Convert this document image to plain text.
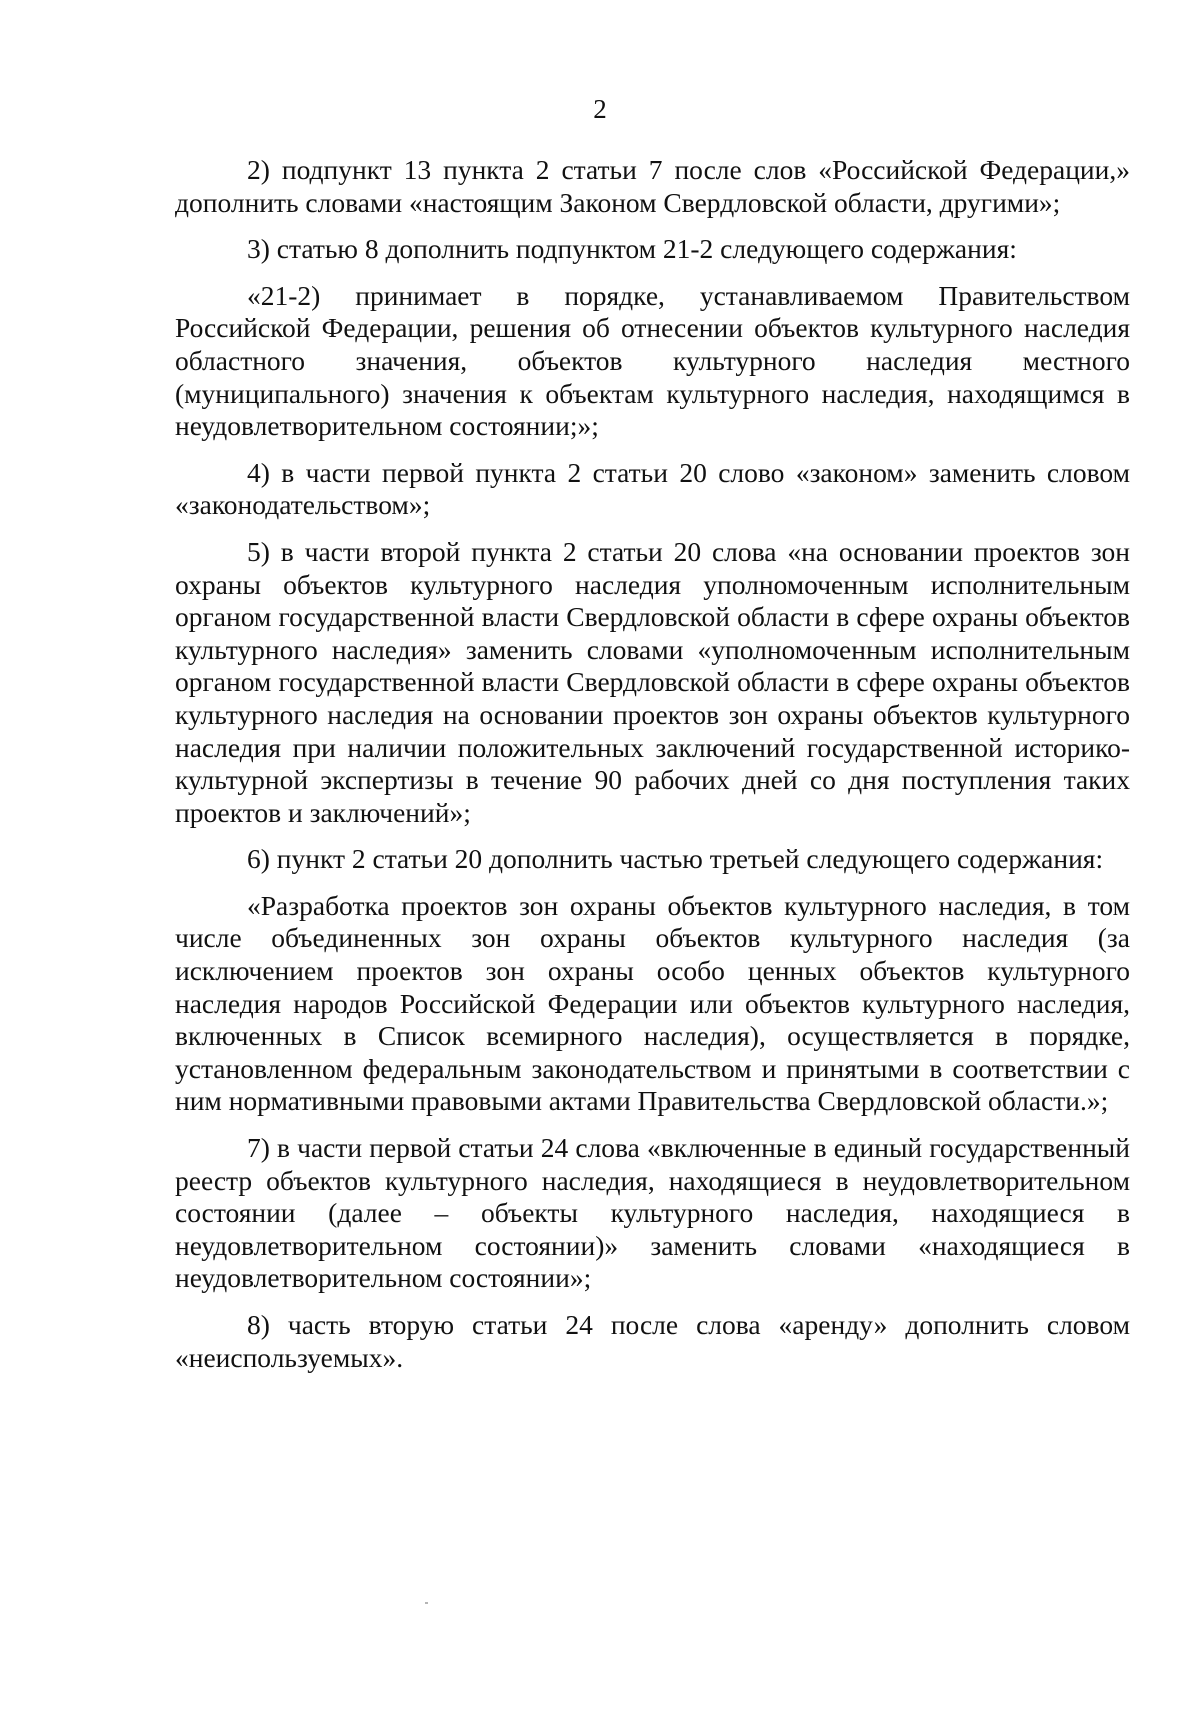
2

2) подпункт 13 пункта 2 статьи 7 после слов «Российской Федерации,» дополнить словами «настоящим Законом Свердловской области, другими»;

3) статью 8 дополнить подпунктом 21-2 следующего содержания:

«21-2) принимает в порядке, устанавливаемом Правительством Российской Федерации, решения об отнесении объектов культурного наследия областного значения, объектов культурного наследия местного (муниципального) значения к объектам культурного наследия, находящимся в неудовлетворительном состоянии;»;

4) в части первой пункта 2 статьи 20 слово «законом» заменить словом «законодательством»;

5) в части второй пункта 2 статьи 20 слова «на основании проектов зон охраны объектов культурного наследия уполномоченным исполнительным органом государственной власти Свердловской области в сфере охраны объектов культурного наследия» заменить словами «уполномоченным исполнительным органом государственной власти Свердловской области в сфере охраны объектов культурного наследия на основании проектов зон охраны объектов культурного наследия при наличии положительных заключений государственной историко-культурной экспертизы в течение 90 рабочих дней со дня поступления таких проектов и заключений»;

6) пункт 2 статьи 20 дополнить частью третьей следующего содержания:

«Разработка проектов зон охраны объектов культурного наследия, в том числе объединенных зон охраны объектов культурного наследия (за исключением проектов зон охраны особо ценных объектов культурного наследия народов Российской Федерации или объектов культурного наследия, включенных в Список всемирного наследия), осуществляется в порядке, установленном федеральным законодательством и принятыми в соответствии с ним нормативными правовыми актами Правительства Свердловской области.»;

7) в части первой статьи 24 слова «включенные в единый государственный реестр объектов культурного наследия, находящиеся в неудовлетворительном состоянии (далее – объекты культурного наследия, находящиеся в неудовлетворительном состоянии)» заменить словами «находящиеся в неудовлетворительном состоянии»;

8) часть вторую статьи 24 после слова «аренду» дополнить словом «неиспользуемых».
